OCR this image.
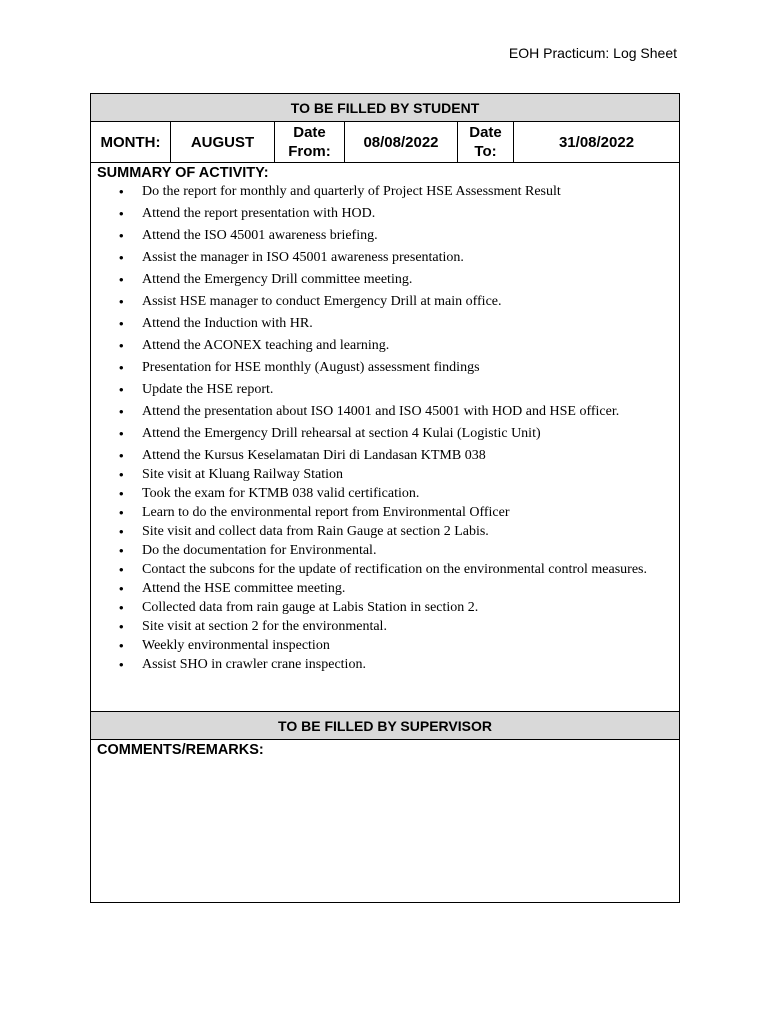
EOH Practicum: Log Sheet
TO BE FILLED BY STUDENT
MONTH:	AUGUST	Date From:	08/08/2022	Date To:	31/08/2022

SUMMARY OF ACTIVITY:
• Do the report for monthly and quarterly of Project HSE Assessment Result
• Attend the report presentation with HOD.
• Attend the ISO 45001 awareness briefing.
• Assist the manager in ISO 45001 awareness presentation.
• Attend the Emergency Drill committee meeting.
• Assist HSE manager to conduct Emergency Drill at main office.
• Attend the Induction with HR.
• Attend the ACONEX teaching and learning.
• Presentation for HSE monthly (August) assessment findings
• Update the HSE report.
• Attend the presentation about ISO 14001 and ISO 45001 with HOD and HSE officer.
• Attend the Emergency Drill rehearsal at section 4 Kulai (Logistic Unit)
• Attend the Kursus Keselamatan Diri di Landasan KTMB 038
• Site visit at Kluang Railway Station
• Took the exam for KTMB 038 valid certification.
• Learn to do the environmental report from Environmental Officer
• Site visit and collect data from Rain Gauge at section 2 Labis.
• Do the documentation for Environmental.
• Contact the subcons for the update of rectification on the environmental control measures.
• Attend the HSE committee meeting.
• Collected data from rain gauge at Labis Station in section 2.
• Site visit at section 2 for the environmental.
• Weekly environmental inspection
• Assist SHO in crawler crane inspection.

TO BE FILLED BY SUPERVISOR

COMMENTS/REMARKS:
